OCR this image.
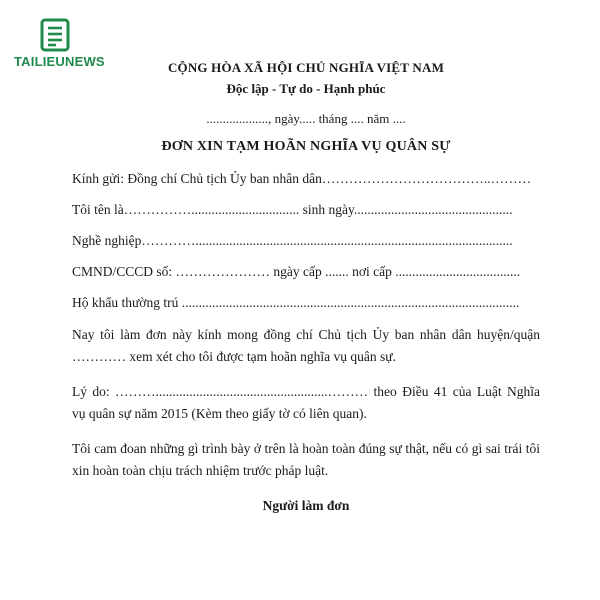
TAILIEUNEWS	CỘNG HÒA XÃ HỘI CHỦ NGHĨA VIỆT NAM
Độc lập - Tự do - Hạnh phúc
..................., ngày..... tháng .... năm ....
ĐƠN XIN TẠM HOÃN NGHĨA VỤ QUÂN SỰ
Kính gửi: Đồng chí Chủ tịch Ủy ban nhân dân………………………………..………
Tôi tên là……………................................ sinh ngày...............................................
Nghề nghiệp…………..............................................................................................
CMND/CCCD số: ………………… ngày cấp ....... nơi cấp .....................................
Hộ khẩu thường trú ....................................................................................................
Nay tôi làm đơn này kính mong đồng chí Chủ tịch Ủy ban nhân dân huyện/quận ………… xem xét cho tôi được tạm hoãn nghĩa vụ quân sự.
Lý do: ………...................................................……… theo Điều 41 của Luật Nghĩa vụ quân sự năm 2015 (Kèm theo giấy tờ có liên quan).
Tôi cam đoan những gì trình bày ở trên là hoàn toàn đúng sự thật, nếu có gì sai trái tôi xin hoàn toàn chịu trách nhiệm trước pháp luật.
Người làm đơn
